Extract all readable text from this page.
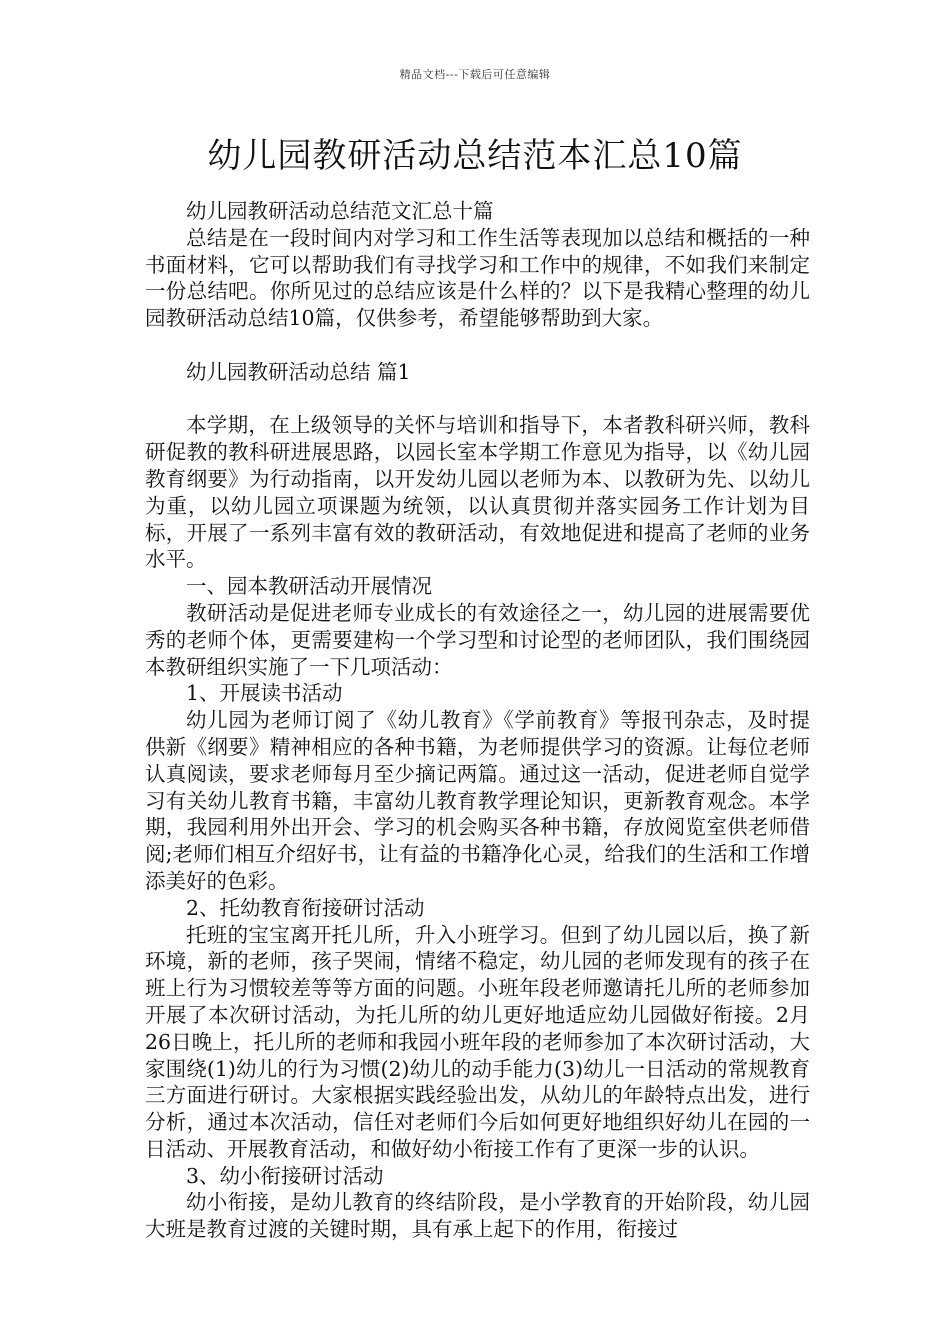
精品文档---下载后可任意编辑
幼儿园教研活动总结范本汇总10篇

幼儿园教研活动总结范文汇总十篇

总结是在一段时间内对学习和工作生活等表现加以总结和概括的一种书面材料，它可以帮助我们有寻找学习和工作中的规律，不如我们来制定一份总结吧。你所见过的总结应该是什么样的？以下是我精心整理的幼儿园教研活动总结10篇，仅供参考，希望能够帮助到大家。

幼儿园教研活动总结 篇1

本学期，在上级领导的关怀与培训和指导下，本者教科研兴师，教科研促教的教科研进展思路，以园长室本学期工作意见为指导，以《幼儿园教育纲要》为行动指南，以开发幼儿园以老师为本、以教研为先、以幼儿为重，以幼儿园立项课题为统领，以认真贯彻并落实园务工作计划为目标，开展了一系列丰富有效的教研活动，有效地促进和提高了老师的业务水平。

一、园本教研活动开展情况

教研活动是促进老师专业成长的有效途径之一，幼儿园的进展需要优秀的老师个体，更需要建构一个学习型和讨论型的老师团队，我们围绕园本教研组织实施了一下几项活动：

1、开展读书活动

幼儿园为老师订阅了《幼儿教育》《学前教育》等报刊杂志，及时提供新《纲要》精神相应的各种书籍，为老师提供学习的资源。让每位老师认真阅读，要求老师每月至少摘记两篇。通过这一活动，促进老师自觉学习有关幼儿教育书籍，丰富幼儿教育教学理论知识，更新教育观念。本学期，我园利用外出开会、学习的机会购买各种书籍，存放阅览室供老师借阅;老师们相互介绍好书，让有益的书籍净化心灵，给我们的生活和工作增添美好的色彩。

2、托幼教育衔接研讨活动

托班的宝宝离开托儿所，升入小班学习。但到了幼儿园以后，换了新环境，新的老师，孩子哭闹，情绪不稳定，幼儿园的老师发现有的孩子在班上行为习惯较差等等方面的问题。小班年段老师邀请托儿所的老师参加开展了本次研讨活动，为托儿所的幼儿更好地适应幼儿园做好衔接。2月26日晚上，托儿所的老师和我园小班年段的老师参加了本次研讨活动，大家围绕(1)幼儿的行为习惯(2)幼儿的动手能力(3)幼儿一日活动的常规教育三方面进行研讨。大家根据实践经验出发，从幼儿的年龄特点出发，进行分析，通过本次活动，信任对老师们今后如何更好地组织好幼儿在园的一日活动、开展教育活动，和做好幼小衔接工作有了更深一步的认识。

3、幼小衔接研讨活动

幼小衔接，是幼儿教育的终结阶段，是小学教育的开始阶段，幼儿园大班是教育过渡的关键时期，具有承上起下的作用，衔接过
